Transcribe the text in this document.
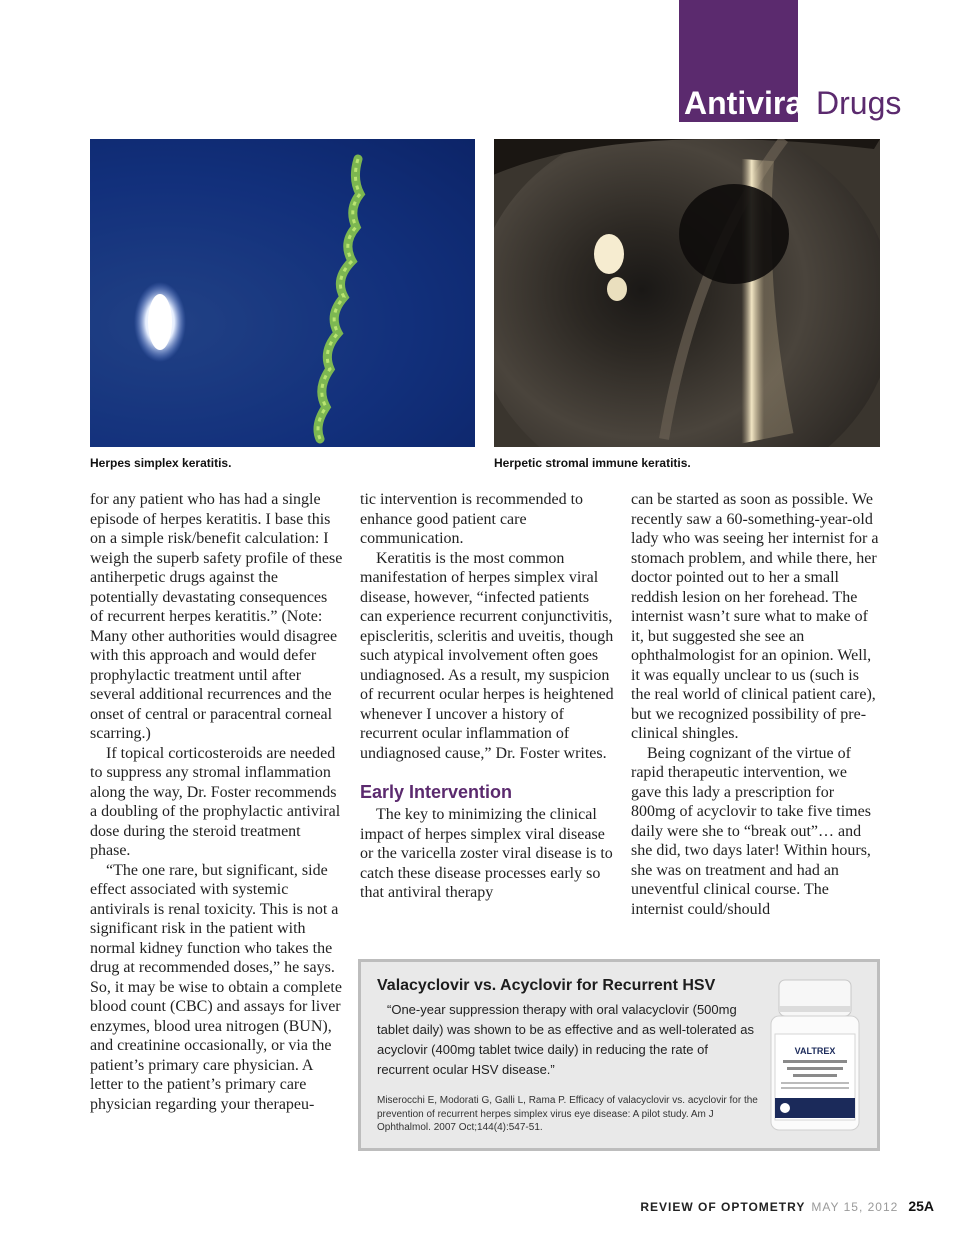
Antiviral Drugs
Herpes simplex keratitis.	Herpetic stromal immune keratitis.

for any patient who has had a single episode of herpes keratitis. I base this on a simple risk/benefit calculation: I weigh the superb safety profile of these antiherpetic drugs against the potentially devastating consequences of recurrent herpes keratitis.” (Note: Many other authorities would disagree with this approach and would defer prophylactic treatment until after several additional recurrences and the onset of central or paracentral corneal scarring.)

If topical corticosteroids are needed to suppress any stromal inflammation along the way, Dr. Foster recommends a doubling of the prophylactic antiviral dose during the steroid treatment phase.

“The one rare, but significant, side effect associated with systemic antivirals is renal toxicity. This is not a significant risk in the patient with normal kidney function who takes the drug at recommended doses,” he says. So, it may be wise to obtain a complete blood count (CBC) and assays for liver enzymes, blood urea nitrogen (BUN), and creatinine occasionally, or via the patient’s primary care physician. A letter to the patient’s primary care physician regarding your therapeu-

tic intervention is recommended to enhance good patient care communication.

Keratitis is the most common manifestation of herpes simplex viral disease, however, “infected patients can experience recurrent conjunctivitis, episcleritis, scleritis and uveitis, though such atypical involvement often goes undiagnosed. As a result, my suspicion of recurrent ocular herpes is heightened whenever I uncover a history of recurrent ocular inflammation of undiagnosed cause,” Dr. Foster writes.

Early Intervention

The key to minimizing the clinical impact of herpes simplex viral disease or the varicella zoster viral disease is to catch these disease processes early so that antiviral therapy

can be started as soon as possible. We recently saw a 60-something-year-old lady who was seeing her internist for a stomach problem, and while there, her doctor pointed out to her a small reddish lesion on her forehead. The internist wasn’t sure what to make of it, but suggested she see an ophthalmologist for an opinion. Well, it was equally unclear to us (such is the real world of clinical patient care), but we recognized possibility of pre-clinical shingles.

Being cognizant of the virtue of rapid therapeutic intervention, we gave this lady a prescription for 800mg of acyclovir to take five times daily were she to “break out”… and she did, two days later! Within hours, she was on treatment and had an uneventful clinical course. The internist could/should

Valacyclovir vs. Acyclovir for Recurrent HSV
“One-year suppression therapy with oral valacyclovir (500mg tablet daily) was shown to be as effective and as well-tolerated as acyclovir (400mg tablet twice daily) in reducing the rate of recurrent ocular HSV disease.”
Miserocchi E, Modorati G, Galli L, Rama P. Efficacy of valacyclovir vs. acyclovir for the prevention of recurrent herpes simplex virus eye disease: A pilot study. Am J Ophthalmol. 2007 Oct;144(4):547-51.
VALTREX
REVIEW OF OPTOMETRY MAY 15, 2012 25A
